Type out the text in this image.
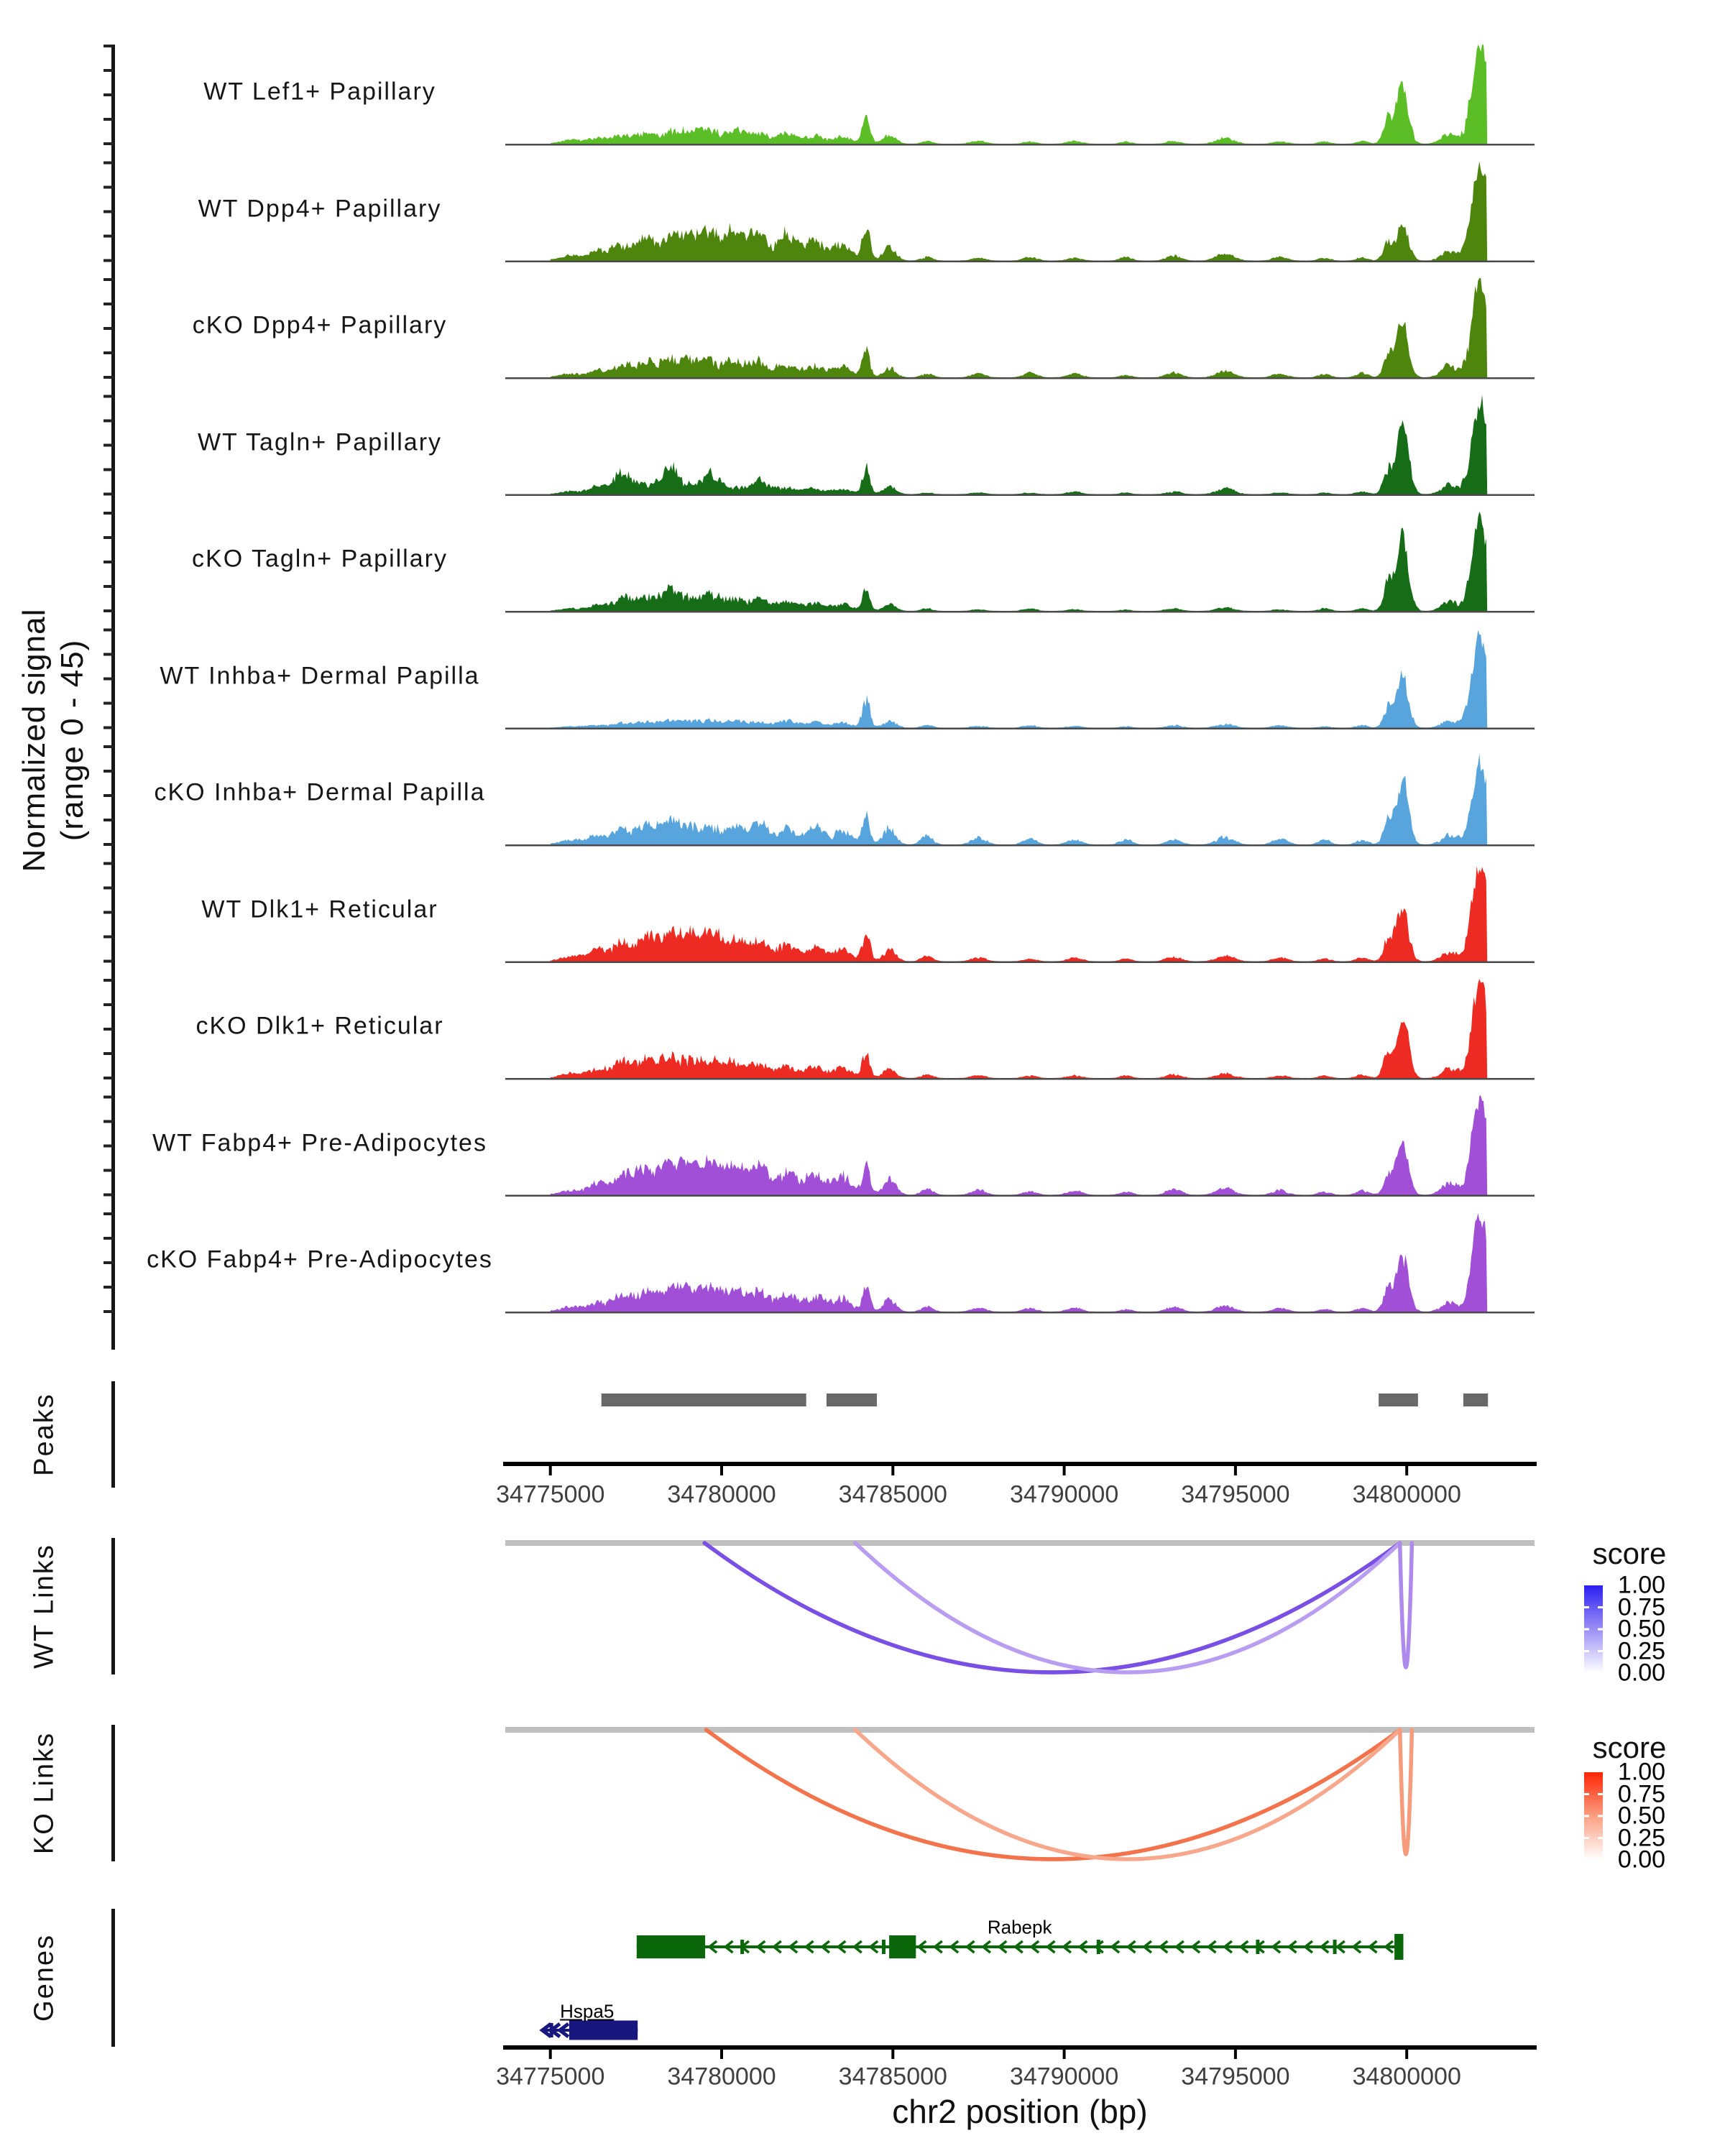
WT Lef1+ Papillary
WT Dpp4+ Papillary
cKO Dpp4+ Papillary
WT Tagln+ Papillary
cKO Tagln+ Papillary
WT Inhba+ Dermal Papilla
cKO Inhba+ Dermal Papilla
WT Dlk1+ Reticular
cKO Dlk1+ Reticular
WT Fabp4+ Pre-Adipocytes
cKO Fabp4+ Pre-Adipocytes
34775000	34780000	34785000	34790000	34795000	34800000
34775000	34780000	34785000	34790000	34795000	34800000
1.00
0.75
0.50
0.25
0.00
1.00
0.75
0.50
0.25
0.00
Rabepk
Hspa5
Normalized signal (range 0 - 45)
Peaks
WT Links
KO Links
Genes
score
score
chr2 position (bp)
